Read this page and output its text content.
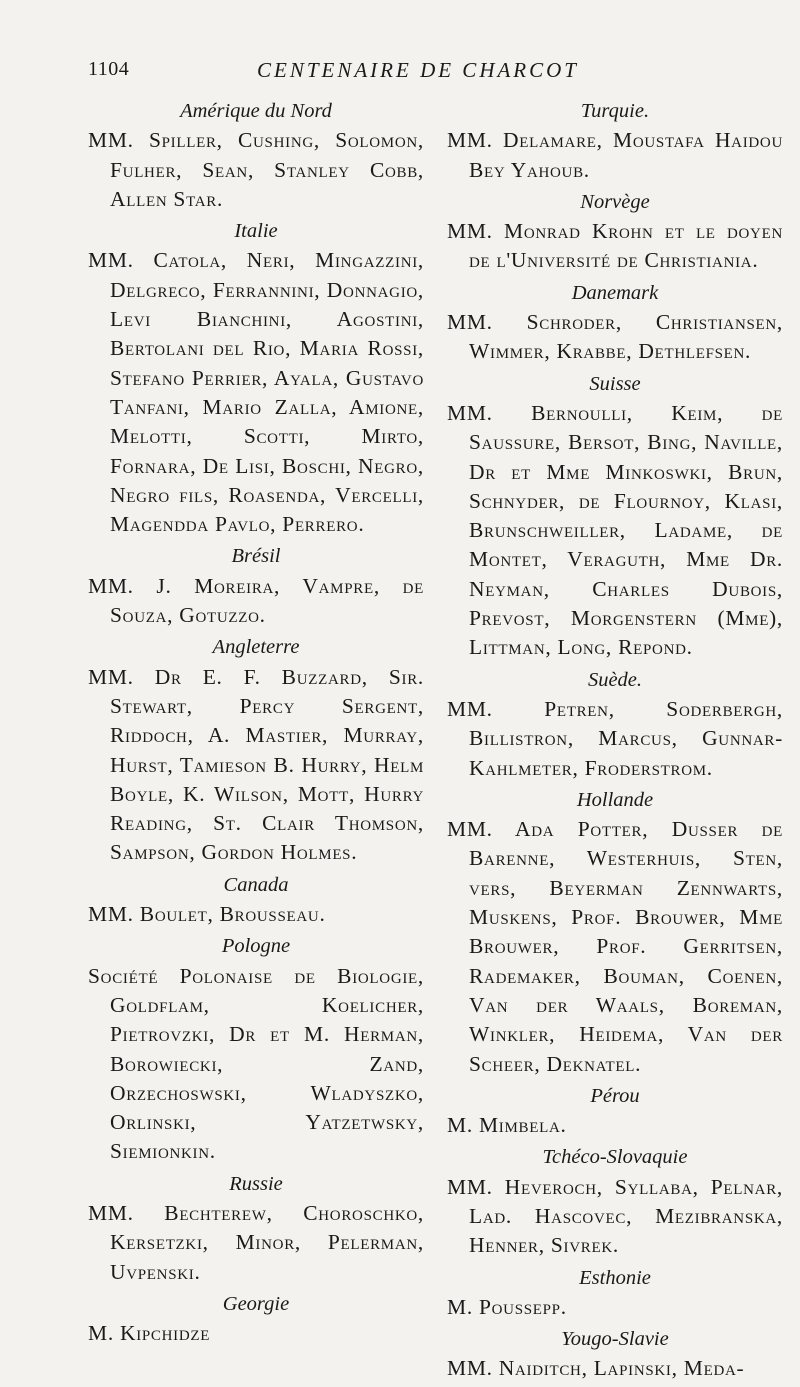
1104	CENTENAIRE DE CHARCOT
Amérique du Nord
MM. Spiller, Cushing, Solomon, Fulher, Sean, Stanley Cobb, Allen Star.
Italie
MM. Catola, Neri, Mingazzini, Delgreco, Ferrannini, Donnagio, Levi Bianchini, Agostini, Bertolani del Rio, Maria Rossi, Stefano Perrier, Ayala, Gustavo Tanfani, Mario Zalla, Amione, Melotti, Scotti, Mirto, Fornara, De Lisi, Boschi, Negro, Negro fils, Roasenda, Vercelli, Magendda Pavlo, Perrero.
Brésil
MM. J. Moreira, Vampre, de Souza, Gotuzzo.
Angleterre
MM. Dr E. F. Buzzard, Sir. Stewart, Percy Sergent, Riddoch, A. Mastier, Murray, Hurst, Tamieson B. Hurry, Helm Boyle, K. Wilson, Mott, Hurry Reading, St. Clair Thomson, Sampson, Gordon Holmes.
Canada
MM. Boulet, Brousseau.
Pologne
Société Polonaise de Biologie, Goldflam, Koelicher, Pietrovzki, Dr et M. Herman, Borowiecki, Zand, Orzechoswski, Wladyszko, Orlinski, Yatzetwsky, Siemionkin.
Russie
MM. Bechterew, Choroschko, Kersetzki, Minor, Pelerman, Uvpenski.
Georgie
M. Kipchidze
Turquie.
MM. Delamare, Moustafa Haidou Bey Yahoub.
Norvège
MM. Monrad Krohn et le doyen de l'Université de Christiania.
Danemark
MM. Schroder, Christiansen, Wimmer, Krabbe, Dethlefsen.
Suisse
MM. Bernoulli, Keim, de Saussure, Bersot, Bing, Naville, Dr et Mme Minkoswki, Brun, Schnyder, de Flournoy, Klasi, Brunschweiller, Ladame, de Montet, Veraguth, Mme Dr. Neyman, Charles Dubois, Prevost, Morgenstern (Mme), Littman, Long, Repond.
Suède.
MM. Petren, Soderbergh, Billistron, Marcus, Gunnar-Kahlmeter, Froderstrom.
Hollande
MM. Ada Potter, Dusser de Barenne, Westerhuis, Sten, vers, Beyerman Zennwarts, Muskens, Prof. Brouwer, Mme Brouwer, Prof. Gerritsen, Rademaker, Bouman, Coenen, Van der Waals, Boreman, Winkler, Heidema, Van der Scheer, Deknatel.
Pérou
M. Mimbela.
Tchéco-Slovaquie
MM. Heveroch, Syllaba, Pelnar, Lad. Hascovec, Mezibranska, Henner, Sivrek.
Esthonie
M. Poussepp.
Yougo-Slavie
MM. Naiditch, Lapinski, Meda-
